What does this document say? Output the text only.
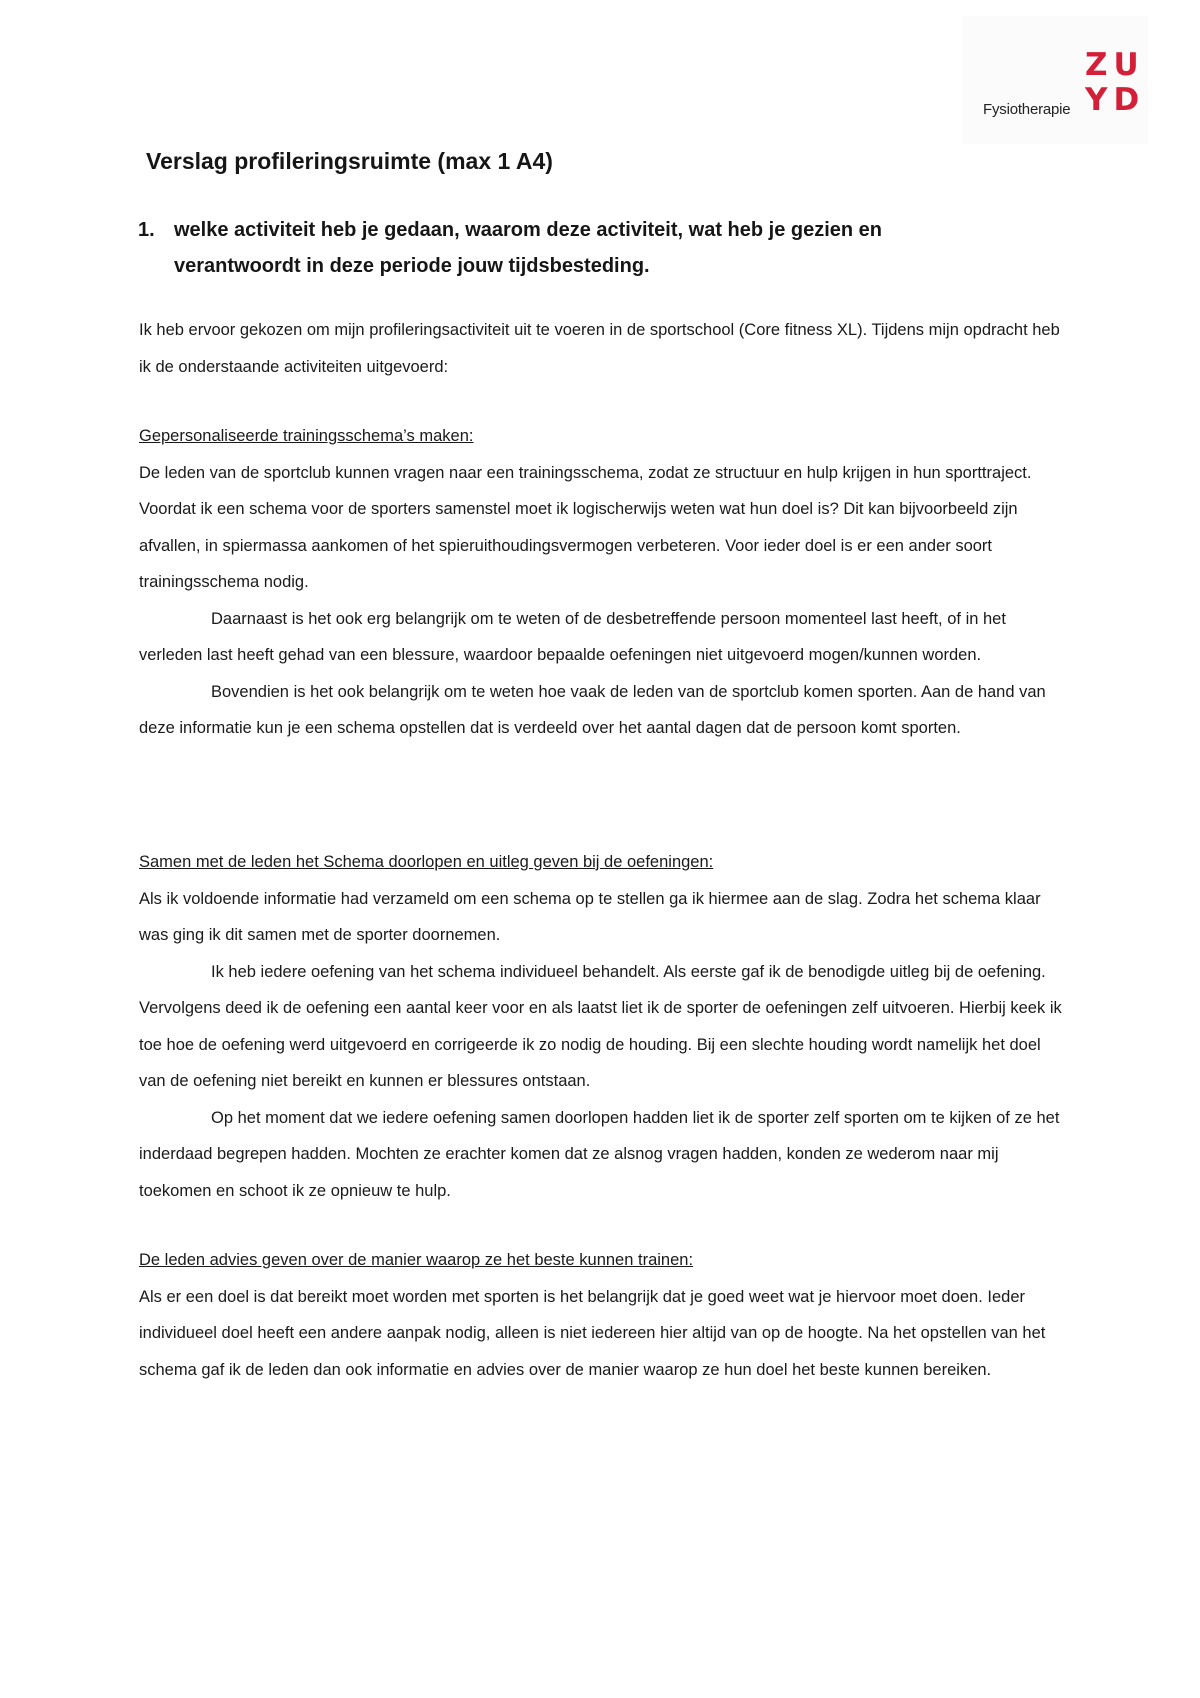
Fysiotherapie
ZU
YD
Verslag profileringsruimte (max 1 A4)
1. welke activiteit heb je gedaan, waarom deze activiteit, wat heb je gezien en verantwoordt in deze periode jouw tijdsbesteding.

Ik heb ervoor gekozen om mijn profileringsactiviteit uit te voeren in de sportschool (Core fitness XL). Tijdens mijn opdracht heb ik de onderstaande activiteiten uitgevoerd:

Gepersonaliseerde trainingsschema’s maken:

De leden van de sportclub kunnen vragen naar een trainingsschema, zodat ze structuur en hulp krijgen in hun sporttraject. Voordat ik een schema voor de sporters samenstel moet ik logischerwijs weten wat hun doel is? Dit kan bijvoorbeeld zijn afvallen, in spiermassa aankomen of het spieruithoudingsvermogen verbeteren. Voor ieder doel is er een ander soort trainingsschema nodig.

Daarnaast is het ook erg belangrijk om te weten of de desbetreffende persoon momenteel last heeft, of in het verleden last heeft gehad van een blessure, waardoor bepaalde oefeningen niet uitgevoerd mogen/kunnen worden.

Bovendien is het ook belangrijk om te weten hoe vaak de leden van de sportclub komen sporten. Aan de hand van deze informatie kun je een schema opstellen dat is verdeeld over het aantal dagen dat de persoon komt sporten.

Samen met de leden het Schema doorlopen en uitleg geven bij de oefeningen:

Als ik voldoende informatie had verzameld om een schema op te stellen ga ik hiermee aan de slag. Zodra het schema klaar was ging ik dit samen met de sporter doornemen.

Ik heb iedere oefening van het schema individueel behandelt. Als eerste gaf ik de benodigde uitleg bij de oefening. Vervolgens deed ik de oefening een aantal keer voor en als laatst liet ik de sporter de oefeningen zelf uitvoeren. Hierbij keek ik toe hoe de oefening werd uitgevoerd en corrigeerde ik zo nodig de houding. Bij een slechte houding wordt namelijk het doel van de oefening niet bereikt en kunnen er blessures ontstaan.

Op het moment dat we iedere oefening samen doorlopen hadden liet ik de sporter zelf sporten om te kijken of ze het inderdaad begrepen hadden. Mochten ze erachter komen dat ze alsnog vragen hadden, konden ze wederom naar mij toekomen en schoot ik ze opnieuw te hulp.

De leden advies geven over de manier waarop ze het beste kunnen trainen:

Als er een doel is dat bereikt moet worden met sporten is het belangrijk dat je goed weet wat je hiervoor moet doen. Ieder individueel doel heeft een andere aanpak nodig, alleen is niet iedereen hier altijd van op de hoogte. Na het opstellen van het schema gaf ik de leden dan ook informatie en advies over de manier waarop ze hun doel het beste kunnen bereiken.
